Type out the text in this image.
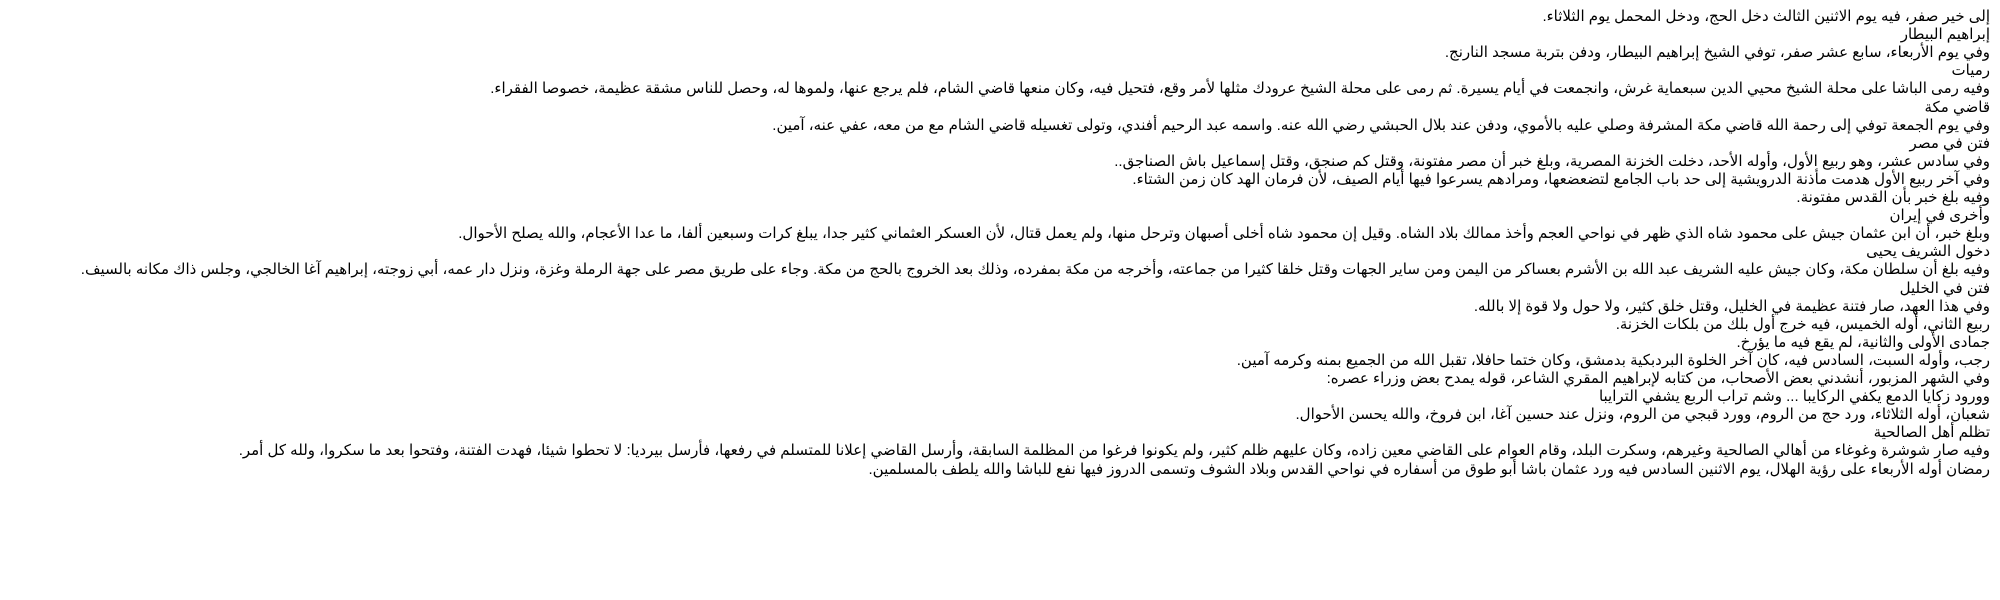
إلى خير صفر، فيه يوم الاثنين الثالث دخل الحج، ودخل المحمل يوم الثلاثاء.
إبراهيم البيطار
وفي يوم الأربعاء، سابع عشر صفر، توفي الشيخ إبراهيم البيطار، ودفن بتربة مسجد النارنج.
رميات
وفيه رمى الباشا على محلة الشيخ محيي الدين سبعماية غرش، وانجمعت في أيام يسيرة. ثم رمى على محلة الشيخ عرودك مثلها لأمر وقع، فتحيل فيه، وكان منعها قاضي الشام، فلم يرجع عنها، ولموها له، وحصل للناس مشقة عظيمة، خصوصا الفقراء.
قاضي مكة
وفي يوم الجمعة توفي إلى رحمة الله قاضي مكة المشرفة وصلي عليه بالأموي، ودفن عند بلال الحبشي رضي الله عنه. واسمه عبد الرحيم أفندي، وتولى تغسيله قاضي الشام مع من معه، عفي عنه، آمين.
فتن في مصر
وفي سادس عشر، وهو ربيع الأول، وأوله الأحد، دخلت الخزنة المصرية، وبلغ خبر أن مصر مفتونة، وقتل كم صنجق، وقتل إسماعيل باش الصناجق..
وفي آخر ربيع الأول هدمت مأذنة الدرويشية إلى حد باب الجامع لتضعضعها، ومرادهم يسرعوا فيها أيام الصيف، لأن فرمان الهد كان زمن الشتاء.
وفيه بلغ خبر بأن القدس مفتونة.
وأخرى في إيران
وبلغ خبر، أن ابن عثمان جيش على محمود شاه الذي ظهر في نواحي العجم وأخذ ممالك بلاد الشاه. وقيل إن محمود شاه أخلى أصبهان وترحل منها، ولم يعمل قتال، لأن العسكر العثماني كثير جدا، يبلغ كرات وسبعين ألفا، ما عدا الأعجام، والله يصلح الأحوال.
دخول الشريف يحيى
وفيه بلغ أن سلطان مكة، وكان جيش عليه الشريف عبد الله بن الأشرم بعساكر من اليمن ومن ساير الجهات وقتل خلقا كثيرا من جماعته، وأخرجه من مكة بمفرده، وذلك بعد الخروج بالحج من مكة. وجاء على طريق مصر على جهة الرملة وغزة، ونزل دار عمه، أبي زوجته، إبراهيم آغا الخالجي، وجلس ذاك مكانه بالسيف.
فتن في الخليل
وفي هذا العهد، صار فتنة عظيمة في الخليل، وقتل خلق كثير، ولا حول ولا قوة إلا بالله.
ربيع الثاني، أوله الخميس، فيه خرج أول بلك من بلكات الخزنة.
جمادى الأولى والثانية، لم يقع فيه ما يؤرخ.
رجب، وأوله السبت، السادس فيه، كان آخر الخلوة البردبكية بدمشق، وكان ختما حافلا، تقبل الله من الجميع بمنه وكرمه آمين.
وفي الشهر المزبور، أنشدني بعض الأصحاب، من كتابه لإبراهيم المقري الشاعر، قوله يمدح بعض وزراء عصره:
وورود زكايا الدمع يكفي الركايبا ... وشم تراب الربع يشفي الترايبا
شعبان، أوله الثلاثاء، ورد حج من الروم، وورد قبجي من الروم، ونزل عند حسين آغا، ابن فروخ، والله يحسن الأحوال.
تظلم أهل الصالحية
وفيه صار شوشرة وغوغاء من أهالي الصالحية وغيرهم، وسكرت البلد، وقام العوام على القاضي معين زاده، وكان عليهم ظلم كثير، ولم يكونوا فرغوا من المظلمة السابقة، وأرسل القاضي إعلانا للمتسلم في رفعها، فأرسل بيرديا: لا تحطوا شيئا، فهدت الفتنة، وفتحوا بعد ما سكروا، ولله كل أمر.
رمضان أوله الأربعاء على رؤية الهلال، يوم الاثنين السادس فيه ورد عثمان باشا أبو طوق من أسفاره في نواحي القدس وبلاد الشوف وتسمى الدروز فيها نفع للباشا والله يلطف بالمسلمين.
